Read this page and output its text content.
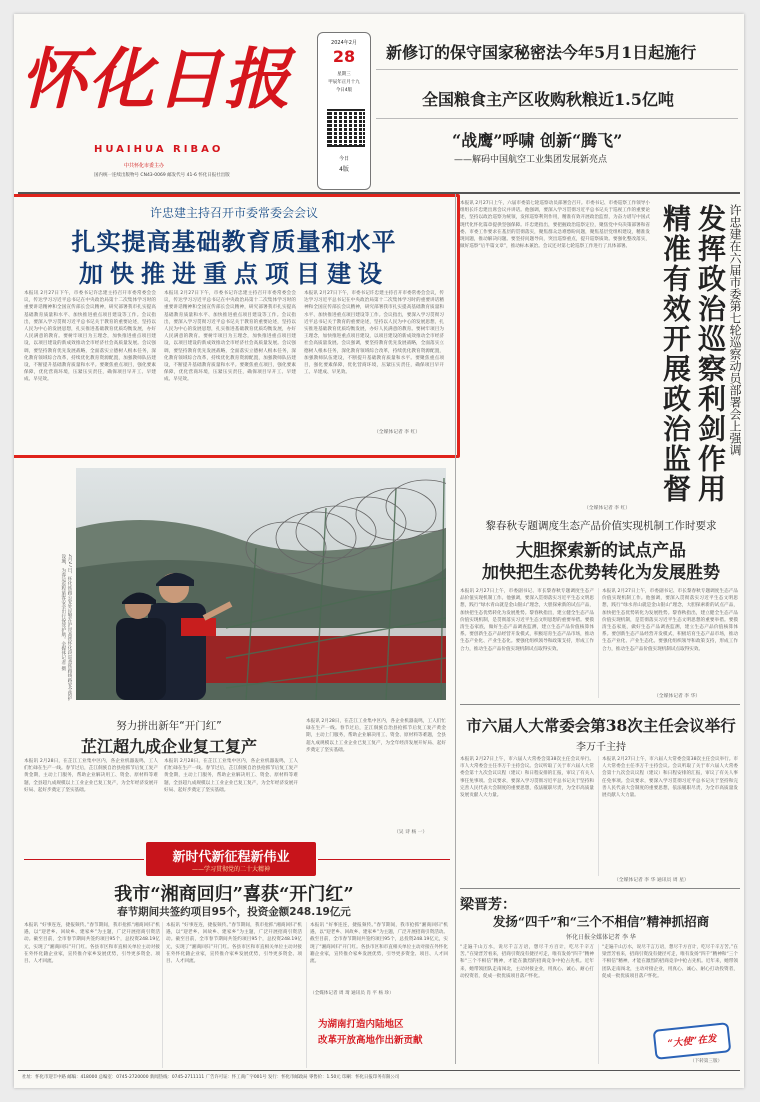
怀化日报
HUAIHUA RIBAO
中共怀化市委主办
国内统一连续出版物号 CN43-0069 邮发代号 41-6 怀化日报社出版
2024年2月
28
星期三
甲辰年正月十九
今日4版
今日
4版
新修订的保守国家秘密法今年5月1日起施行
全国粮食主产区收购秋粮近1.5亿吨
“战鹰”呼啸 创新“腾飞”
——解码中国航空工业集团发展新亮点
许忠建主持召开市委常委会会议
扎实提高基础教育质量和水平
加快推进重点项目建设
本报讯 2月27日下午，市委书记许忠建主持召开市委常委会会议，传达学习习近平总书记在中央政治局第十二次集体学习时的重要讲话精神和全国宣传部长会议精神，研究部署我市扎实提高基础教育质量和水平、加快推进重点项目建设等工作。会议指出，要深入学习贯彻习近平总书记关于教育的重要论述，坚持以人民为中心的发展思想，扎实推进基础教育优质均衡发展，办好人民满意的教育。要树牢项目为王理念，加快推进重点项目建设，以项目建设的新成效推动全市经济社会高质量发展。会议强调，要坚持教育优先发展战略，全面落实立德树人根本任务，深化教育领域综合改革，持续优化教育资源配置，加强教师队伍建设，不断提升基础教育质量和水平。要聚焦重点项目，强化要素保障，优化营商环境，压紧压实责任，确保项目早开工、早建成、早见效。
本报讯 2月27日下午，市委书记许忠建主持召开市委常委会会议，传达学习习近平总书记在中央政治局第十二次集体学习时的重要讲话精神和全国宣传部长会议精神，研究部署我市扎实提高基础教育质量和水平、加快推进重点项目建设等工作。会议指出，要深入学习贯彻习近平总书记关于教育的重要论述，坚持以人民为中心的发展思想，扎实推进基础教育优质均衡发展，办好人民满意的教育。要树牢项目为王理念，加快推进重点项目建设，以项目建设的新成效推动全市经济社会高质量发展。会议强调，要坚持教育优先发展战略，全面落实立德树人根本任务，深化教育领域综合改革，持续优化教育资源配置，加强教师队伍建设，不断提升基础教育质量和水平。要聚焦重点项目，强化要素保障，优化营商环境，压紧压实责任，确保项目早开工、早建成、早见效。
本报讯 2月27日下午，市委书记许忠建主持召开市委常委会会议，传达学习习近平总书记在中央政治局第十二次集体学习时的重要讲话精神和全国宣传部长会议精神，研究部署我市扎实提高基础教育质量和水平、加快推进重点项目建设等工作。会议指出，要深入学习贯彻习近平总书记关于教育的重要论述，坚持以人民为中心的发展思想，扎实推进基础教育优质均衡发展，办好人民满意的教育。要树牢项目为王理念，加快推进重点项目建设，以项目建设的新成效推动全市经济社会高质量发展。会议强调，要坚持教育优先发展战略，全面落实立德树人根本任务，深化教育领域综合改革，持续优化教育资源配置，加强教师队伍建设，不断提升基础教育质量和水平。要聚焦重点项目，强化要素保障，优化营商环境，压紧压实责任，确保项目早开工、早建成、早见效。
（全媒体记者 李 红）
本报讯 2月27日上午，六届市委第七轮巡察动员部署会召开。市委书记、市委巡察工作领导小组组长许忠建出席会议并讲话。他强调，要深入学习贯彻习近平总书记关于巡视工作的重要论述，坚持以政治巡察为统领，发挥巡察利剑作用，精准有效开展政治监督，为奋力谱写中国式现代化怀化篇章提供坚强保障。许忠建指出，要把握政治巡察定位，聚焦党中央决策部署和省委、市委工作要求在基层的贯彻落实，聚焦群众急难愁盼问题，聚焦基层党组织建设，精准发现问题，推动解决问题。要坚持问题导向，突出巡察重点，提升巡察质效。要强化整改落实，做好巡察“后半篇文章”，推动标本兼治。会议还对第七轮巡察工作进行了具体部署。
（全媒体记者 李 红）
发挥政治巡察利剑作用
精准有效开展政治监督	许忠建在六届市委第七轮巡察动员部署会上强调
2月27日，怀化铁路公安处民警在沪昆高铁怀化段巡查铁路线路安全防护设施，为春运返程旅客安全出行保驾护航。全媒体记者 摄
黎春秋专题调度生态产品价值实现机制工作时要求
大胆探索新的试点产品
加快把生态优势转化为发展胜势
本报讯 2月27日上午，市委副书记、市长黎春秋专题调度生态产品价值实现机制工作。他强调，要深入贯彻落实习近平生态文明思想，践行“绿水青山就是金山银山”理念，大胆探索新的试点产品，加快把生态优势转化为发展胜势。黎春秋指出，建立健全生态产品价值实现机制，是贯彻落实习近平生态文明思想的重要举措。要摸清生态家底，做好生态产品调查监测，建立生态产品价值核算体系。要创新生态产品经营开发模式，积极培育生态产品市场，推动生态产业化、产业生态化。要强化组织领导和政策支持，形成工作合力，推动生态产品价值实现机制试点取得实效。
本报讯 2月27日上午，市委副书记、市长黎春秋专题调度生态产品价值实现机制工作。他强调，要深入贯彻落实习近平生态文明思想，践行“绿水青山就是金山银山”理念，大胆探索新的试点产品，加快把生态优势转化为发展胜势。黎春秋指出，建立健全生态产品价值实现机制，是贯彻落实习近平生态文明思想的重要举措。要摸清生态家底，做好生态产品调查监测，建立生态产品价值核算体系。要创新生态产品经营开发模式，积极培育生态产品市场，推动生态产业化、产业生态化。要强化组织领导和政策支持，形成工作合力，推动生态产品价值实现机制试点取得实效。
（全媒体记者 李 华）
市六届人大常委会第38次主任会议举行
李万千主持
本报讯 2月27日上午，市六届人大常委会第38次主任会议举行。市人大常委会主任李万千主持会议。会议听取了关于市六届人大常委会第十九次会议议程（建议）和日程安排的汇报，审议了有关人事任免事项。会议要求，要深入学习贯彻习近平总书记关于坚持和完善人民代表大会制度的重要思想，依法履职尽责，为全市高质量发展贡献人大力量。
本报讯 2月27日上午，市六届人大常委会第38次主任会议举行。市人大常委会主任李万千主持会议。会议听取了关于市六届人大常委会第十九次会议议程（建议）和日程安排的汇报，审议了有关人事任免事项。会议要求，要深入学习贯彻习近平总书记关于坚持和完善人民代表大会制度的重要思想，依法履职尽责，为全市高质量发展贡献人大力量。
（全媒体记者 李 华 通讯员 周 星）
努力拼出新年“开门红”
芷江超九成企业复工复产
本报讯 2月28日，在芷江工业集中区内，各企业机器轰鸣，工人们忙碌在生产一线。春节过后，芷江侗族自治县抢抓节后复工复产黄金期，主动上门服务，帮助企业解决用工、资金、原材料等难题，全县超九成规模以上工业企业已复工复产，为全年经济发展开好局、起好步奠定了坚实基础。
本报讯 2月28日，在芷江工业集中区内，各企业机器轰鸣，工人们忙碌在生产一线。春节过后，芷江侗族自治县抢抓节后复工复产黄金期，主动上门服务，帮助企业解决用工、资金、原材料等难题，全县超九成规模以上工业企业已复工复产，为全年经济发展开好局、起好步奠定了坚实基础。
本报讯 2月28日，在芷江工业集中区内，各企业机器轰鸣，工人们忙碌在生产一线。春节过后，芷江侗族自治县抢抓节后复工复产黄金期，主动上门服务，帮助企业解决用工、资金、原材料等难题，全县超九成规模以上工业企业已复工复产，为全年经济发展开好局、起好步奠定了坚实基础。
（吴 诗 杨 一）
新时代新征程新伟业
——学习贯彻党的二十大精神
我市“湘商回归”喜获“开门红”
春节期间共签约项目95个，投资金额248.19亿元
本报讯 “好事连连，捷报频传。”春节期间，我市抢抓“湘商回归”机遇，以“迎老乡、回故乡、建家乡”为主题，广泛开展招商引资活动。截至目前，全市春节期间共签约项目95个，总投资248.19亿元，实现了“湘商回归”开门红。各县市区和市直相关单位主动对接在外怀化籍企业家，宣传推介家乡发展优势，引导更多资金、项目、人才回流。
本报讯 “好事连连，捷报频传。”春节期间，我市抢抓“湘商回归”机遇，以“迎老乡、回故乡、建家乡”为主题，广泛开展招商引资活动。截至目前，全市春节期间共签约项目95个，总投资248.19亿元，实现了“湘商回归”开门红。各县市区和市直相关单位主动对接在外怀化籍企业家，宣传推介家乡发展优势，引导更多资金、项目、人才回流。
本报讯 “好事连连，捷报频传。”春节期间，我市抢抓“湘商回归”机遇，以“迎老乡、回故乡、建家乡”为主题，广泛开展招商引资活动。截至目前，全市春节期间共签约项目95个，总投资248.19亿元，实现了“湘商回归”开门红。各县市区和市直相关单位主动对接在外怀化籍企业家，宣传推介家乡发展优势，引导更多资金、项目、人才回流。
（全媒体记者 周 琦 通讯员 肖 平 杨 珍）
为湖南打造内陆地区
改革开放高地作出新贡献
梁晋芳：
发扬“四千”和“三个不相信”精神抓招商
怀化日报全媒体记者 李 华
“走遍千山万水，说尽千言万语，想尽千方百计，吃尽千辛万苦。”在梁晋芳看来，招商引资没有捷径可走，唯有发扬“四千”精神和“三个不相信”精神，才能在激烈的招商竞争中抢占先机。近年来，她带领团队走南闯北，主动对接企业，用真心、诚心、耐心打动投资者，促成一批优质项目落户怀化。
“走遍千山万水，说尽千言万语，想尽千方百计，吃尽千辛万苦。”在梁晋芳看来，招商引资没有捷径可走，唯有发扬“四千”精神和“三个不相信”精神，才能在激烈的招商竞争中抢占先机。近年来，她带领团队走南闯北，主动对接企业，用真心、诚心、耐心打动投资者，促成一批优质项目落户怀化。
“大使”在发
（下转第三版）
社址：怀化市迎丰中路 邮编：418000 总编室：0745-2720000 新闻热线：0745-2711111 广告许可证：怀工商广字001号 发行：怀化市邮政局 零售价：1.50元 印刷：怀化日报印务有限公司
